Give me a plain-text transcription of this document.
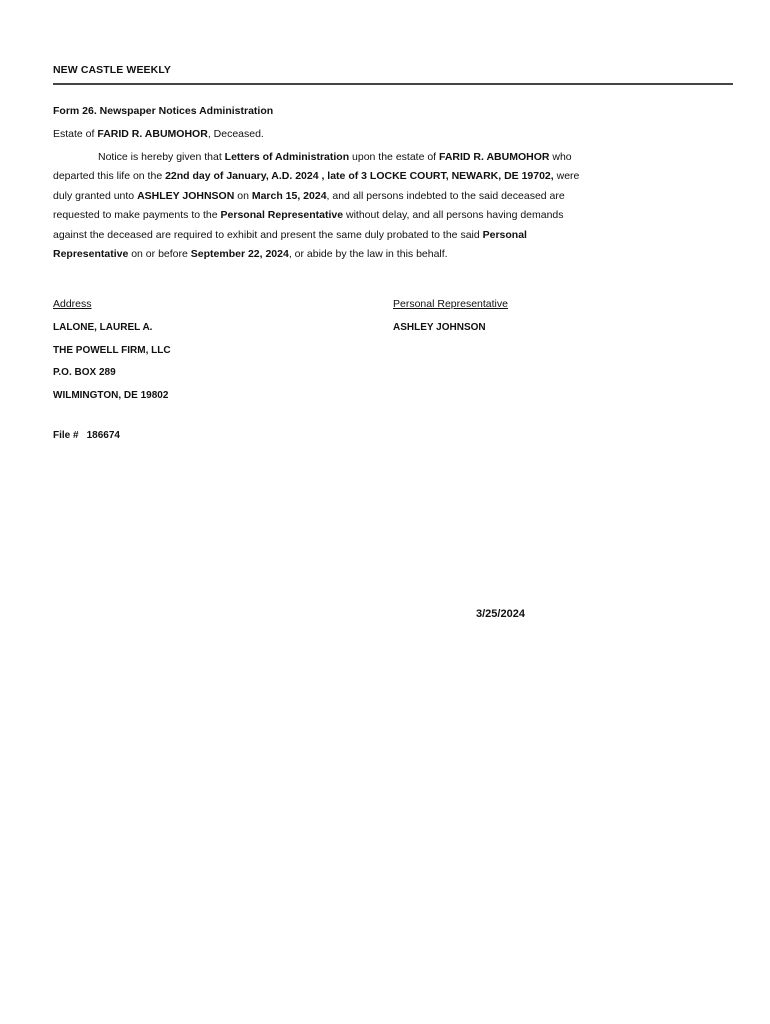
NEW CASTLE WEEKLY
Form 26. Newspaper Notices Administration
Estate of FARID R. ABUMOHOR, Deceased.

Notice is hereby given that Letters of Administration upon the estate of FARID R. ABUMOHOR who
departed this life on the 22nd day of January, A.D. 2024 , late of 3 LOCKE COURT, NEWARK, DE 19702, were
duly granted unto ASHLEY JOHNSON on March 15, 2024, and all persons indebted to the said deceased are
requested to make payments to the Personal Representative without delay, and all persons having demands
against the deceased are required to exhibit and present the same duly probated to the said Personal
Representative on or before September 22, 2024, or abide by the law in this behalf.

Address	Personal Representative
LALONE, LAUREL A.
THE POWELL FIRM, LLC
P.O. BOX 289
WILMINGTON, DE 19802
ASHLEY JOHNSON
File # 186674
3/25/2024
